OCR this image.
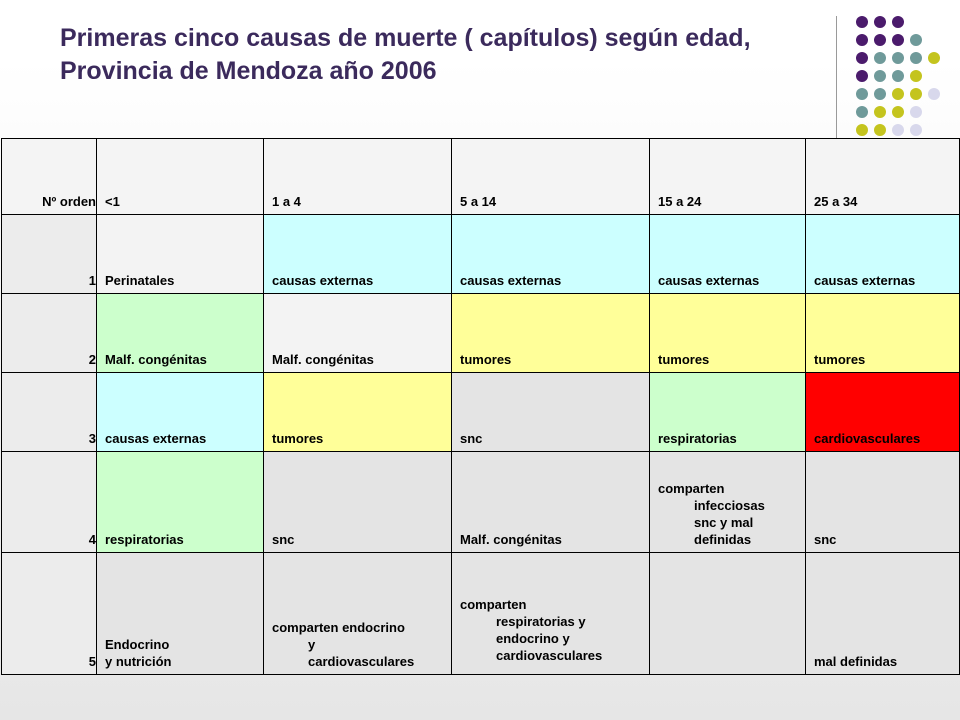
Primeras cinco causas de muerte ( capítulos) según edad, Provincia de Mendoza año 2006
Nº orden	<1	1 a 4	5 a 14	15 a 24	25 a 34
1	Perinatales	causas externas	causas externas	causas externas	causas externas
2	Malf. congénitas	Malf. congénitas	tumores	tumores	tumores
3	causas externas	tumores	snc	respiratorias	cardiovasculares
4	respiratorias	snc	Malf. congénitas	comparten
infecciosas
snc y mal
definidas	snc
5	Endocrino
y nutrición	comparten endocrino
y
cardiovasculares	comparten
respiratorias y
endocrino y
cardiovasculares		mal definidas
